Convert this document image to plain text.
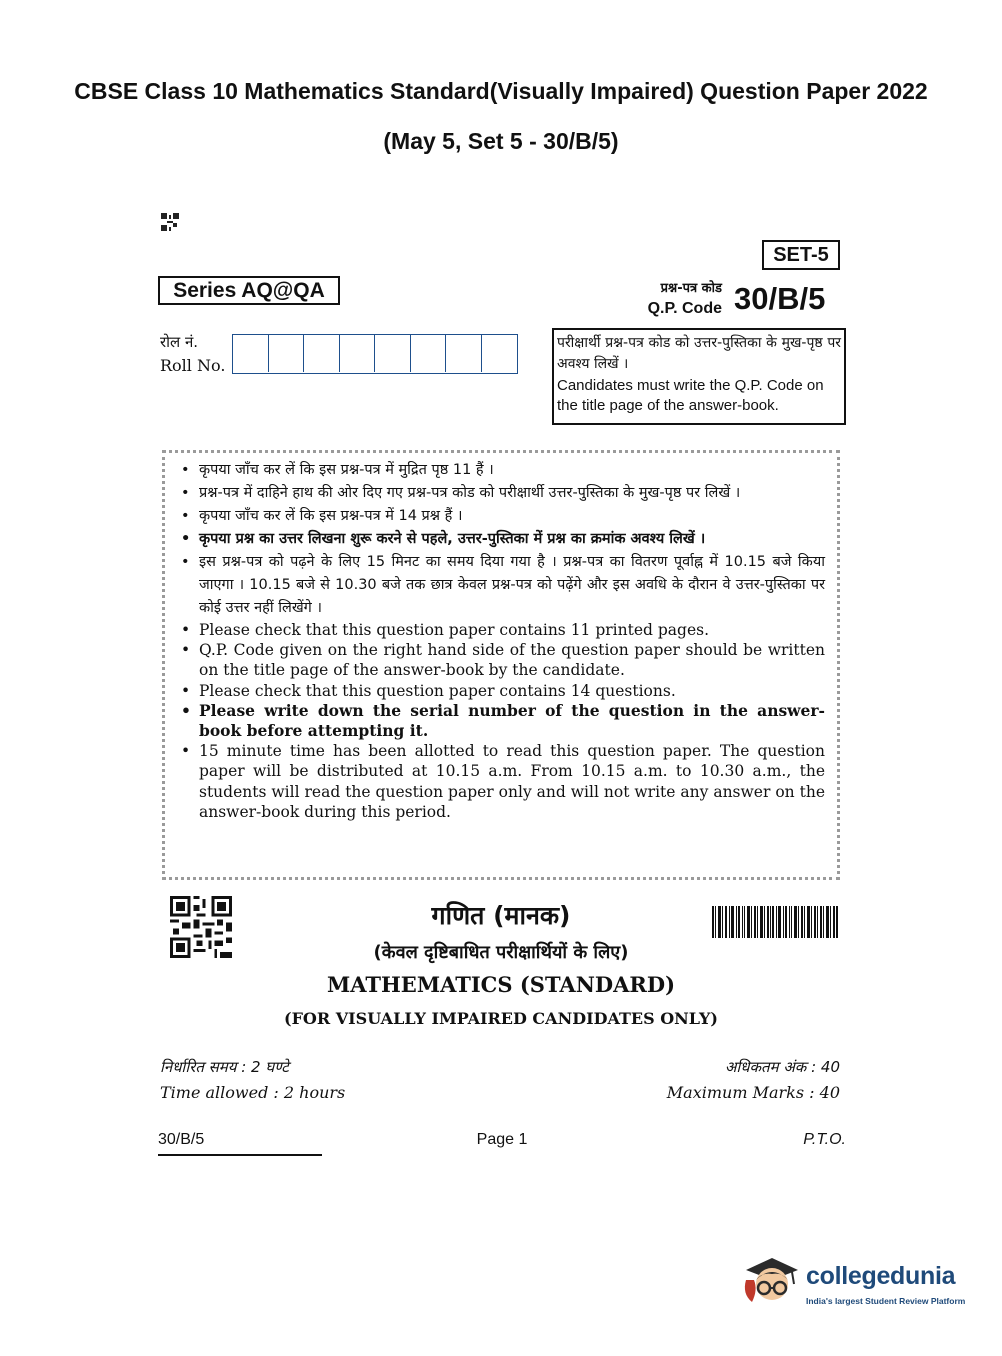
CBSE Class 10 Mathematics Standard(Visually Impaired) Question Paper 2022
(May 5, Set 5 - 30/B/5)
SET-5
Series AQ@QA	प्रश्न-पत्र कोड
Q.P. Code 30/B/5
रोल नं.
Roll No.
परीक्षार्थी प्रश्न-पत्र कोड को उत्तर-पुस्तिका के मुख-पृष्ठ पर अवश्य लिखें ।
Candidates must write the Q.P. Code on the title page of the answer-book.
• कृपया जाँच कर लें कि इस प्रश्न-पत्र में मुद्रित पृष्ठ 11 हैं ।
• प्रश्न-पत्र में दाहिने हाथ की ओर दिए गए प्रश्न-पत्र कोड को परीक्षार्थी उत्तर-पुस्तिका के मुख-पृष्ठ पर लिखें ।
• कृपया जाँच कर लें कि इस प्रश्न-पत्र में 14 प्रश्न हैं ।
• कृपया प्रश्न का उत्तर लिखना शुरू करने से पहले, उत्तर-पुस्तिका में प्रश्न का क्रमांक अवश्य लिखें ।
• इस प्रश्न-पत्र को पढ़ने के लिए 15 मिनट का समय दिया गया है । प्रश्न-पत्र का वितरण पूर्वाह्न में 10.15 बजे किया जाएगा । 10.15 बजे से 10.30 बजे तक छात्र केवल प्रश्न-पत्र को पढ़ेंगे और इस अवधि के दौरान वे उत्तर-पुस्तिका पर कोई उत्तर नहीं लिखेंगे ।
• Please check that this question paper contains 11 printed pages.
• Q.P. Code given on the right hand side of the question paper should be written on the title page of the answer-book by the candidate.
• Please check that this question paper contains 14 questions.
• Please write down the serial number of the question in the answer-book before attempting it.
• 15 minute time has been allotted to read this question paper. The question paper will be distributed at 10.15 a.m. From 10.15 a.m. to 10.30 a.m., the students will read the question paper only and will not write any answer on the answer-book during this period.
गणित (मानक)
(केवल दृष्टिबाधित परीक्षार्थियों के लिए)
MATHEMATICS (STANDARD)
(FOR VISUALLY IMPAIRED CANDIDATES ONLY)
निर्धारित समय : 2 घण्टे
Time allowed : 2 hours
अधिकतम अंक : 40
Maximum Marks : 40
30/B/5	Page 1	P.T.O.
collegedunia
India's largest Student Review Platform
